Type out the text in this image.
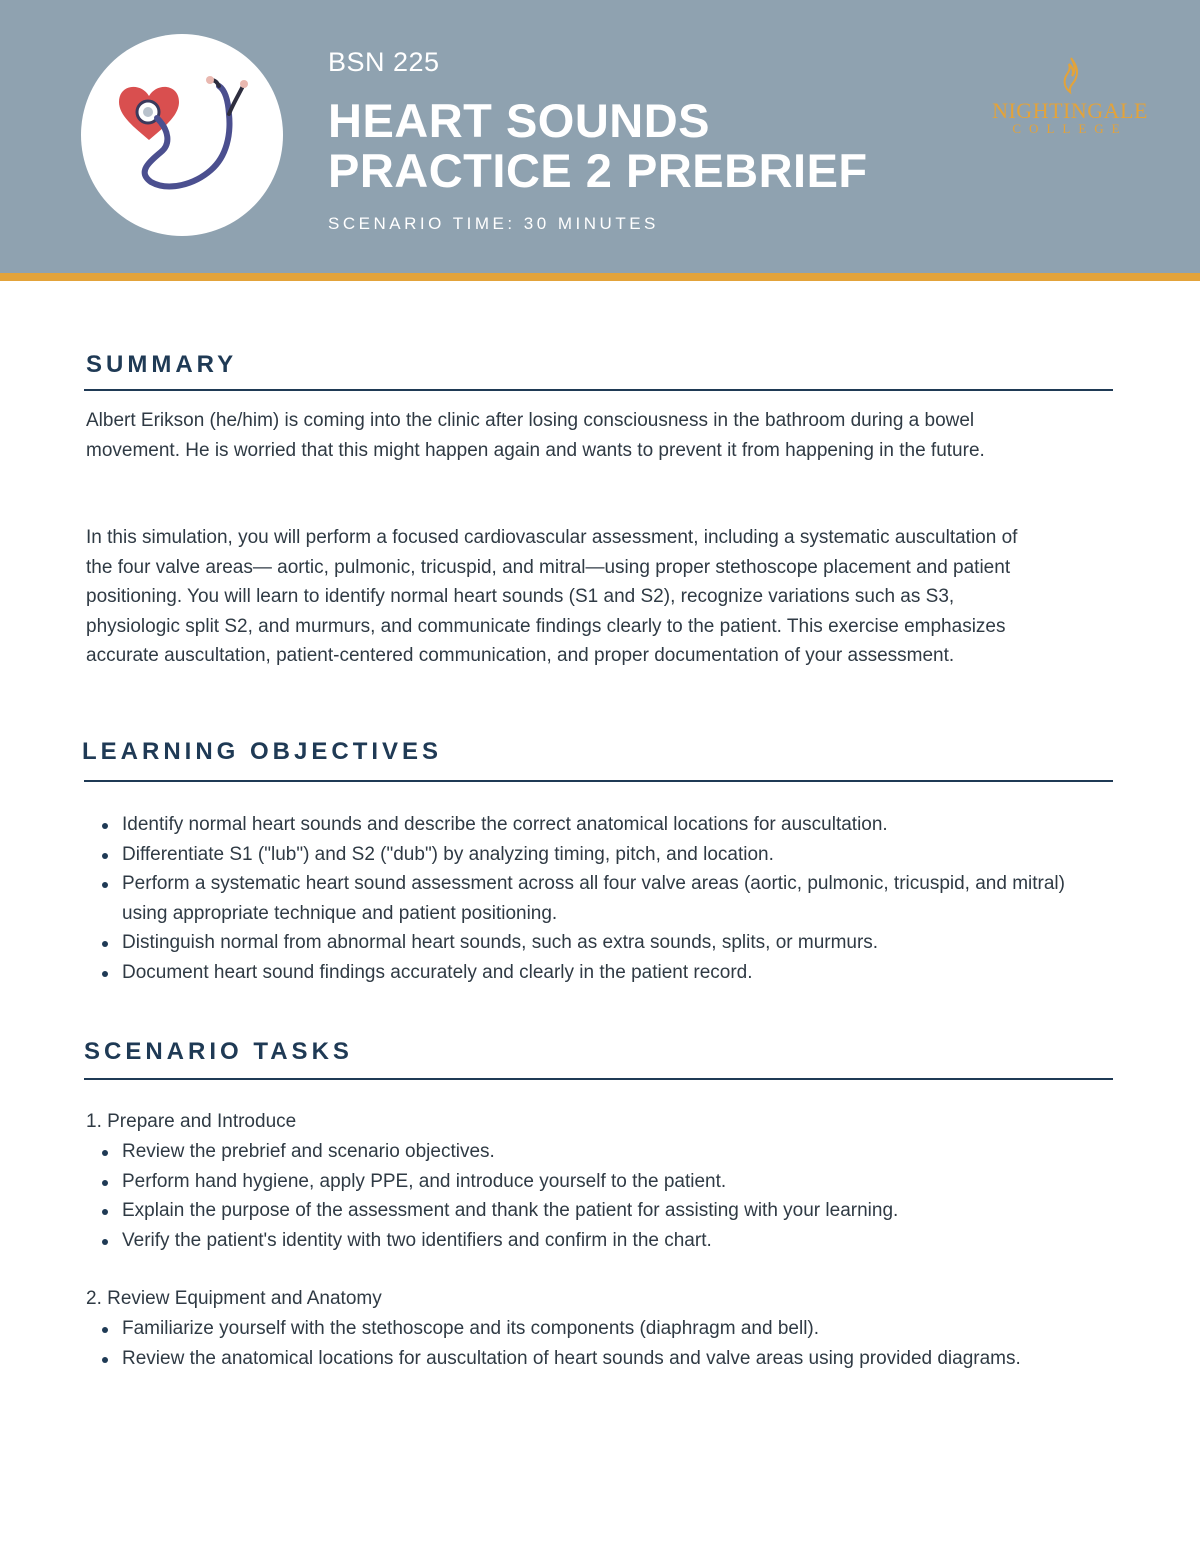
BSN 225
HEART SOUNDS
PRACTICE 2 PREBRIEF
SCENARIO TIME: 30 MINUTES
NIGHTINGALE
COLLEGE
SUMMARY

Albert Erikson (he/him) is coming into the clinic after losing consciousness in the bathroom during a bowel movement. He is worried that this might happen again and wants to prevent it from happening in the future.

In this simulation, you will perform a focused cardiovascular assessment, including a systematic auscultation of the four valve areas— aortic, pulmonic, tricuspid, and mitral—using proper stethoscope placement and patient positioning. You will learn to identify normal heart sounds (S1 and S2), recognize variations such as S3, physiologic split S2, and murmurs, and communicate findings clearly to the patient. This exercise emphasizes accurate auscultation, patient-centered communication, and proper documentation of your assessment.

LEARNING OBJECTIVES
Identify normal heart sounds and describe the correct anatomical locations for auscultation.
Differentiate S1 ("lub") and S2 ("dub") by analyzing timing, pitch, and location.
Perform a systematic heart sound assessment across all four valve areas (aortic, pulmonic, tricuspid, and mitral) using appropriate technique and patient positioning.
Distinguish normal from abnormal heart sounds, such as extra sounds, splits, or murmurs.
Document heart sound findings accurately and clearly in the patient record.
SCENARIO TASKS
1. Prepare and Introduce
Review the prebrief and scenario objectives.
Perform hand hygiene, apply PPE, and introduce yourself to the patient.
Explain the purpose of the assessment and thank the patient for assisting with your learning.
Verify the patient's identity with two identifiers and confirm in the chart.
2. Review Equipment and Anatomy
Familiarize yourself with the stethoscope and its components (diaphragm and bell).
Review the anatomical locations for auscultation of heart sounds and valve areas using provided diagrams.
